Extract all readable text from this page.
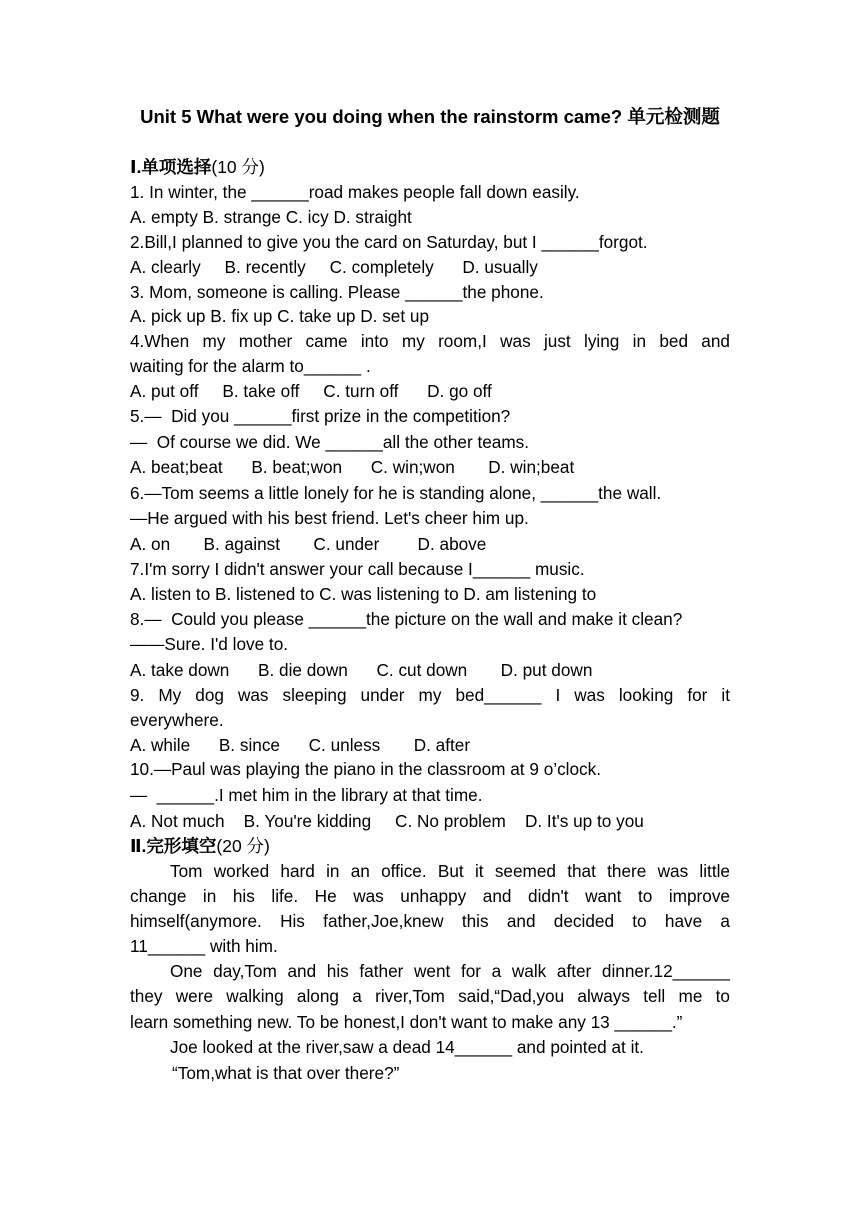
Unit 5 What were you doing when the rainstorm came? 单元检测题
Ⅰ.单项选择(10 分)
1. In winter, the ______road makes people fall down easily.
A. empty B. strange C. icy D. straight
2.Bill,I planned to give you the card on Saturday, but I ______forgot.
A. clearly     B. recently     C. completely      D. usually
3. Mom, someone is calling. Please ______the phone.
A. pick up B. fix up C. take up D. set up
4.When my mother came into my room,I was just lying in bed and
waiting for the alarm to______ .
A. put off     B. take off     C. turn off      D. go off
5.—  Did you ______first prize in the competition?
—  Of course we did. We ______all the other teams.
A. beat;beat      B. beat;won      C. win;won       D. win;beat
6.—Tom seems a little lonely for he is standing alone, ______the wall.
—He argued with his best friend. Let's cheer him up.
A. on       B. against       C. under        D. above
7.I'm sorry I didn't answer your call because I______ music.
A. listen to B. listened to C. was listening to D. am listening to
8.—  Could you please ______the picture on the wall and make it clean?
——Sure. I'd love to.
A. take down      B. die down      C. cut down       D. put down
9. My dog was sleeping under my bed______ I was looking for it
everywhere.
A. while      B. since      C. unless       D. after
10.—Paul was playing the piano in the classroom at 9 o’clock.
—  ______.I met him in the library at that time.
A. Not much    B. You're kidding     C. No problem    D. It's up to you
Ⅱ.完形填空(20 分)
Tom worked hard in an office. But it seemed that there was little
change in his life. He was unhappy and didn't want to improve
himself(anymore. His father,Joe,knew this and decided to have a
11______ with him.
One day,Tom and his father went for a walk after dinner.12______
they were walking along a river,Tom said,“Dad,you always tell me to
learn something new. To be honest,I don't want to make any 13 ______.”
Joe looked at the river,saw a dead 14______ and pointed at it.
“Tom,what is that over there?”
